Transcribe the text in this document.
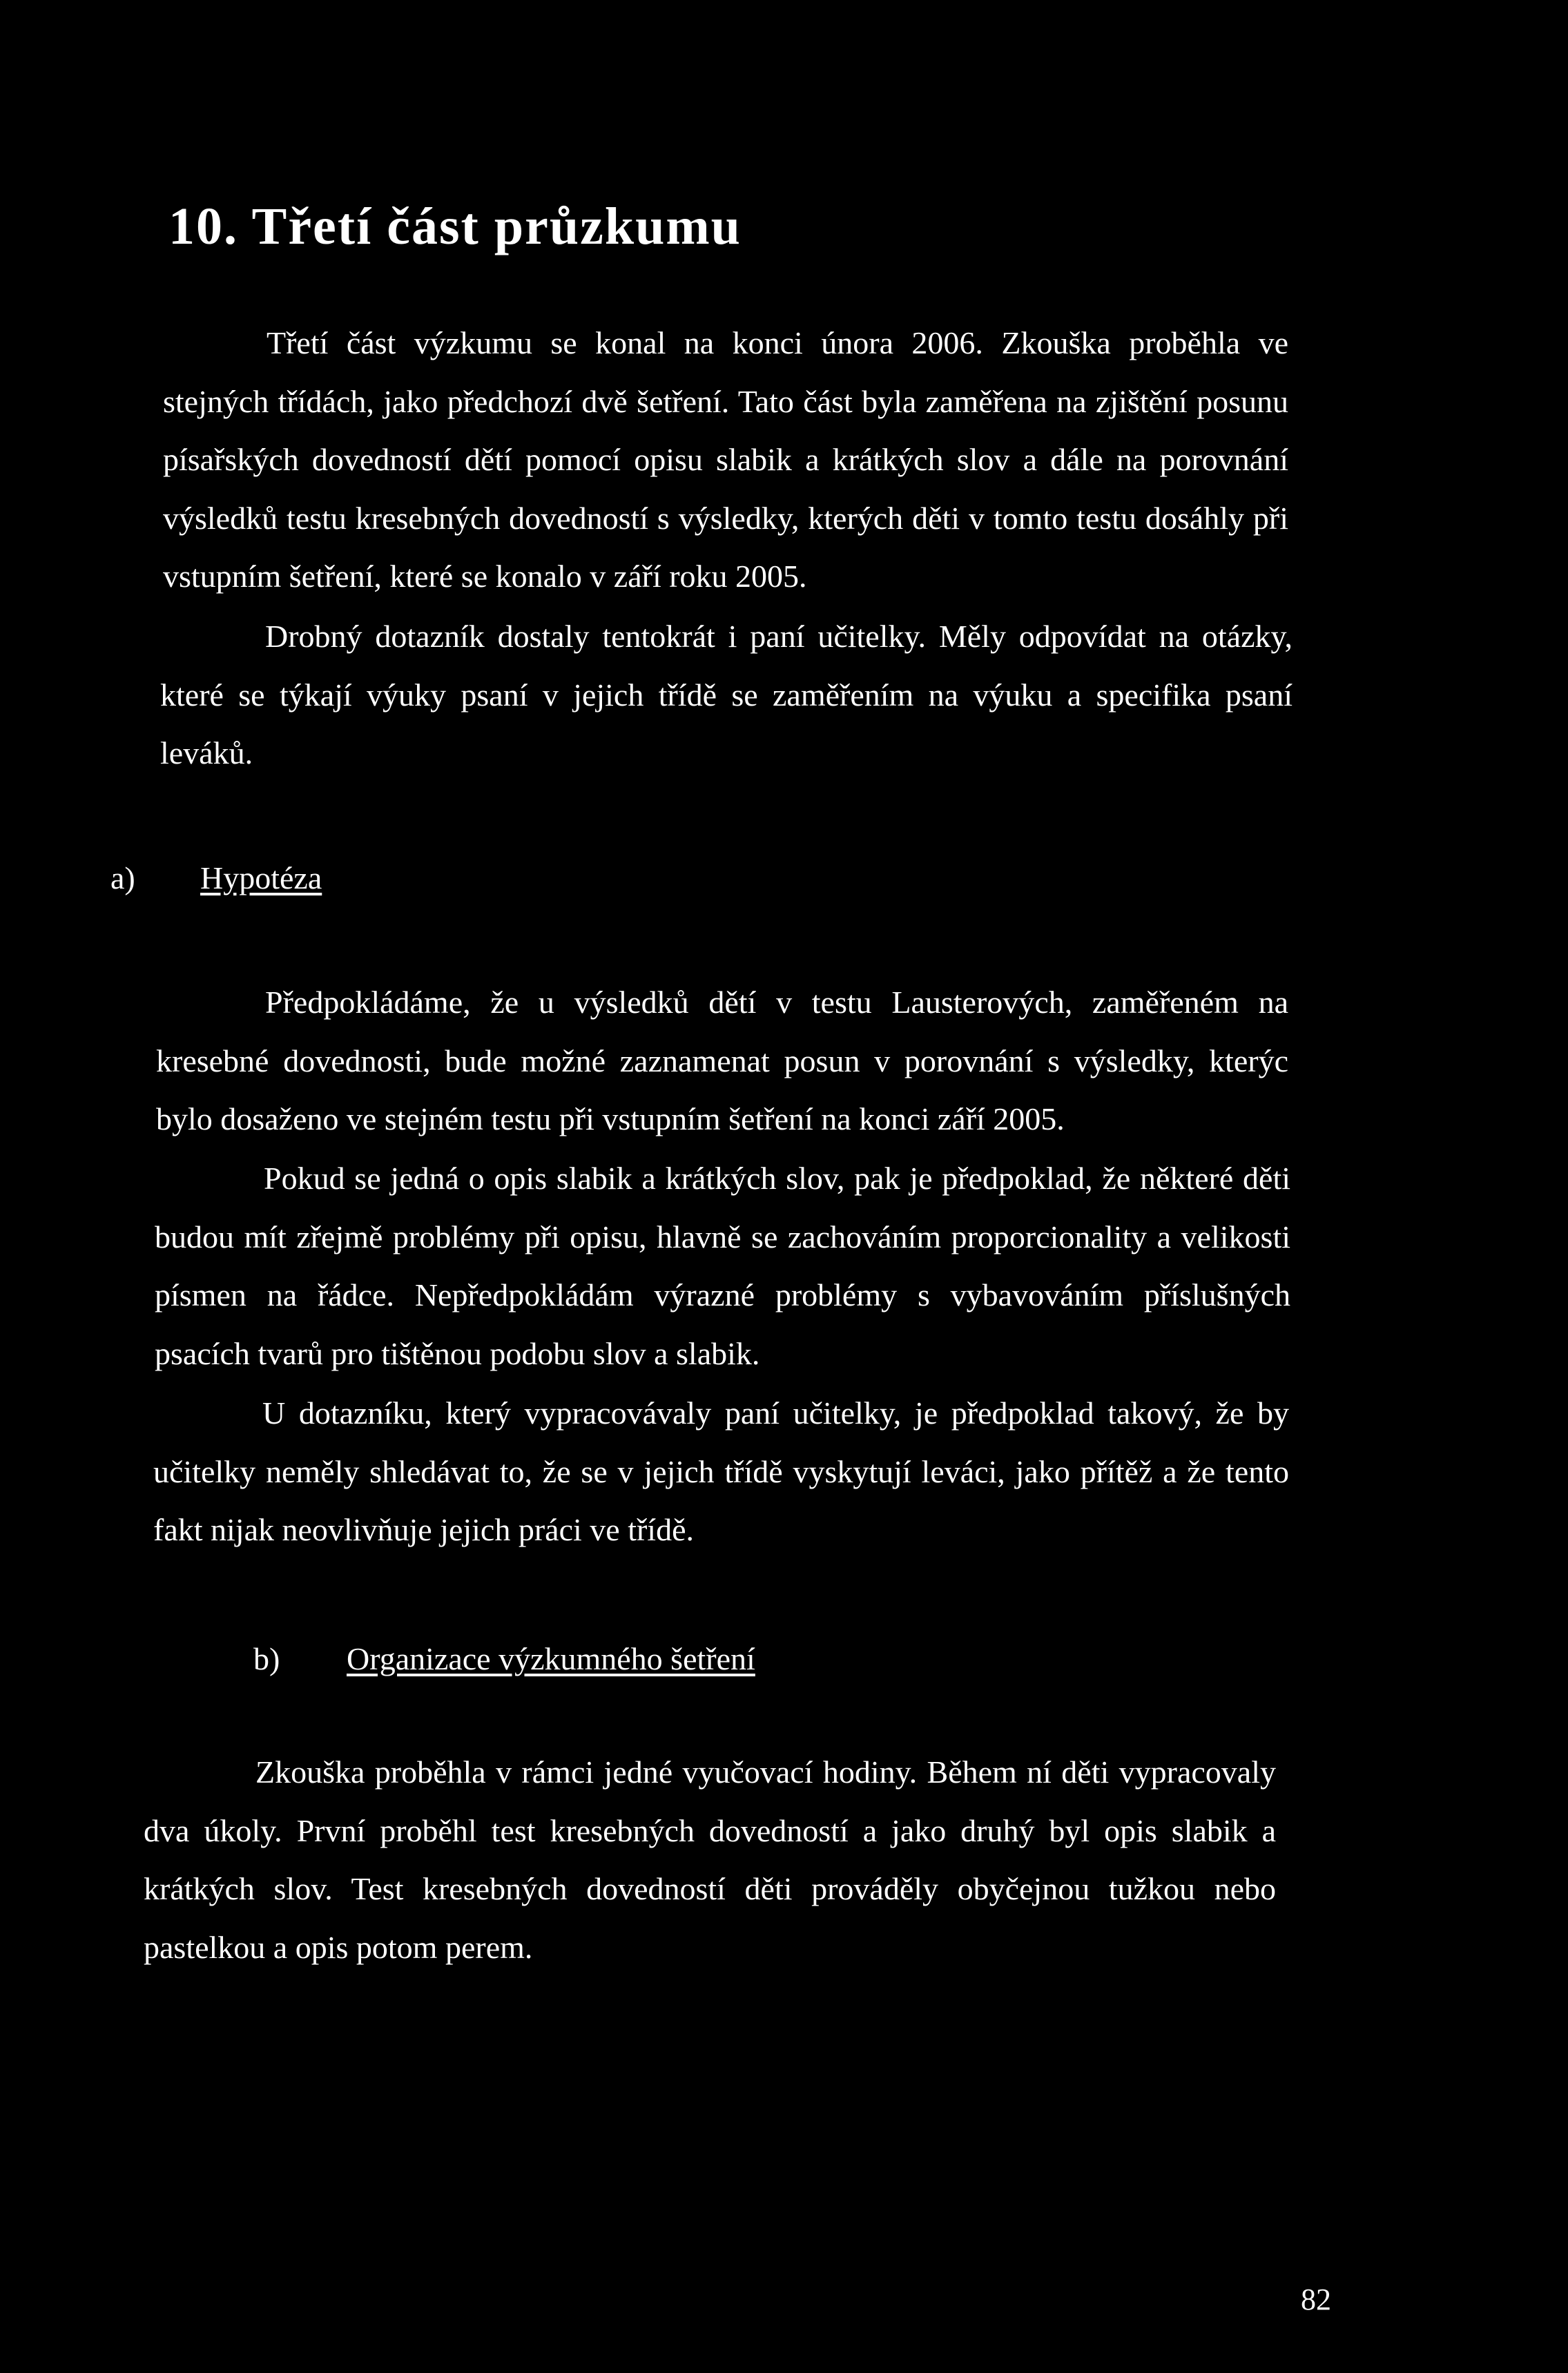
10. Třetí část průzkumu

Třetí část výzkumu se konal na konci února 2006. Zkouška proběhla ve stejných třídách, jako předchozí dvě šetření. Tato část byla zaměřena na zjištění posunu písařských dovedností dětí pomocí opisu slabik a krátkých slov a dále na porovnání výsledků testu kresebných dovedností s výsledky, kterých děti v tomto testu dosáhly při vstupním šetření, které se konalo v září roku 2005.

Drobný dotazník dostaly tentokrát i paní učitelky. Měly odpovídat na otázky, které se týkají výuky psaní v jejich třídě se zaměřením na výuku a specifika psaní leváků.

a) Hypotéza

Předpokládáme, že u výsledků dětí v testu Lausterových, zaměřeném na kresebné dovednosti, bude možné zaznamenat posun v porovnání s výsledky, kterýc bylo dosaženo ve stejném testu při vstupním šetření na konci září 2005.

Pokud se jedná o opis slabik a krátkých slov, pak je předpoklad, že některé děti budou mít zřejmě problémy při opisu, hlavně se zachováním proporcionality a velikosti písmen na řádce. Nepředpokládám výrazné problémy s vybavováním příslušných psacích tvarů pro tištěnou podobu slov a slabik.

U dotazníku, který vypracovávaly paní učitelky, je předpoklad takový, že by učitelky neměly shledávat to, že se v jejich třídě vyskytují leváci, jako přítěž a že tento fakt nijak neovlivňuje jejich práci ve třídě.

b) Organizace výzkumného šetření

Zkouška proběhla v rámci jedné vyučovací hodiny. Během ní děti vypracovaly dva úkoly. První proběhl test kresebných dovedností a jako druhý byl opis slabik a krátkých slov. Test kresebných dovedností děti prováděly obyčejnou tužkou nebo pastelkou a opis potom perem.

82
